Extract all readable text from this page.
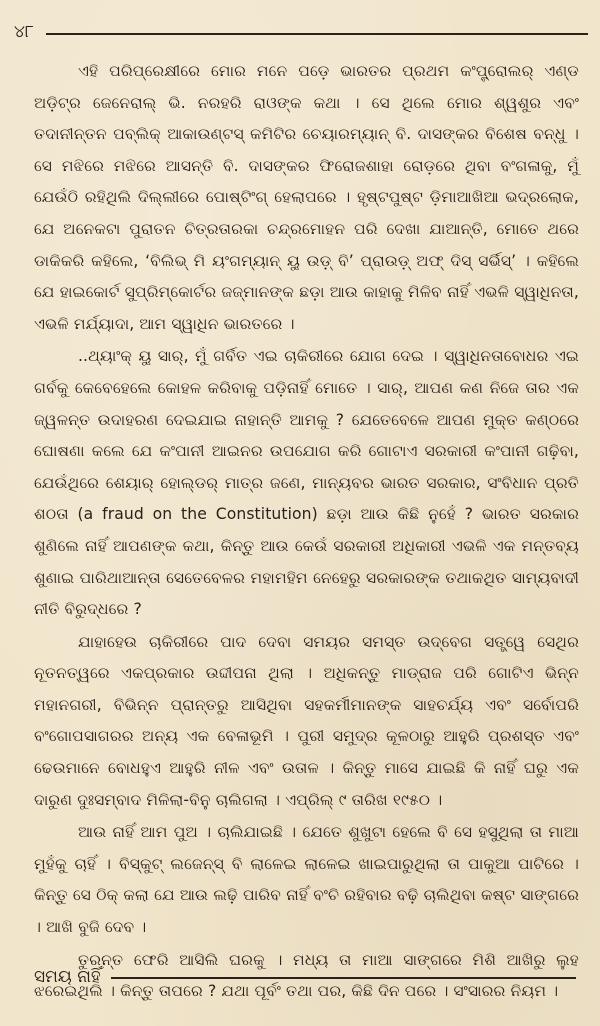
୪୮

ଏହି ପରିପ୍ରେକ୍ଷୀରେ ମୋର ମନେ ପଡ଼େ ଭାରତର ପ୍ରଥମ କଂପ୍ଟ୍ରୋଲର୍ ଏଣ୍ଡ ଅଡ଼ିଟ୍ର ଜେନେରାଲ୍ ଭି. ନରହରି ରାଓଙ୍କ କଥା । ସେ ଥିଲେ ମୋର ଶ୍ୱଶୁର ଏବଂ ତଦାନୀନ୍ତନ ପବ୍ଲିକ୍ ଆକାଉଣ୍ଟସ୍ କମିଟିର ଚେୟାରମ୍ୟାନ୍ ବି. ଦାସଙ୍କର ବିଶେଷ ବନ୍ଧୁ । ସେ ମଝିରେ ମଝିରେ ଆସନ୍ତି ବି. ଦାସଙ୍କର ଫିରୋଜଶାହା ରୋଡ଼ରେ ଥିବା ବଂଗଳାକୁ, ମୁଁ ଯେଉଁଠି ରହିଥିଲି ଦିଲ୍ଲୀରେ ପୋଷ୍ଟିଂଗ୍ ହେଲାପରେ । ହୃଷ୍ଟପୁଷ୍ଟ ଡ଼ିମାଆଖିଆ ଭଦ୍ରଲୋକ, ଯେ ଅନେକଟା ପୁରାତନ ଚିତ୍ରତାରକା ଚନ୍ଦ୍ରମୋହନ ପରି ଦେଖା ଯାଆନ୍ତି, ମୋତେ ଥରେ ଡାକିକରି କହିଲେ, ‘ବିଲିଭ୍ ମି ୟଂଗମ୍ୟାନ୍ ୟୁ ଉଡ଼୍ ବି’ ପ୍ରାଉଡ଼୍ ଅଫ୍ ଦିସ୍ ସର୍ଭିସ୍’ । କହିଲେ ଯେ ହାଇକୋର୍ଟ ସୁପ୍ରିମ୍‌କୋର୍ଟର ଜଜ୍‌ମାନଙ୍କ ଛଡ଼ା ଆଉ କାହାକୁ ମିଳିବ ନାହିଁ ଏଭଳି ସ୍ୱାଧିନତା, ଏଭଳି ମର୍ଯ୍ୟାଦା, ଆମ ସ୍ୱାଧିନ ଭାରତରେ ।

..ଥ୍ୟାଂକ୍ ୟୁ ସାର୍, ମୁଁ ଗର୍ବିତ ଏଇ ଚାକିରୀରେ ଯୋଗ ଦେଇ । ସ୍ୱାଧିନତାବୋଧର ଏଇ ଗର୍ବକୁ କେବେହେଲେ କୋହଳ କରିବାକୁ ପଡ଼ିନାହିଁ ମୋତେ । ସାର୍, ଆପଣ କଣ ନିଜେ ତାର ଏକ ଜ୍ୱଳନ୍ତ ଉଦାହରଣ ଦେଇଯାଇ ନାହାନ୍ତି ଆମକୁ ? ଯେତେବେଳେ ଆପଣ ମୁକ୍ତ କଣ୍ଠରେ ଘୋଷଣା କଲେ ଯେ କଂପାନୀ ଆଇନର ଉପଯୋଗ କରି ଗୋଟାଏ ସରକାରୀ କଂପାନୀ ଗଢ଼ିବା, ଯେଉଁଥିରେ ଶେୟାର୍ ହୋଲ୍ଡର୍ ମାତ୍ର ଜଣେ, ମାନ୍ୟବର ଭାରତ ସରକାର, ସଂବିଧାନ ପ୍ରତି ଶଠତା (a fraud on the Constitution) ଛଡ଼ା ଆଉ କିଛି ନୁହେଁ ? ଭାରତ ସରକାର ଶୁଣିଲେ ନାହିଁ ଆପଣଙ୍କ କଥା, କିନ୍ତୁ ଆଉ କେଉଁ ସରକାରୀ ଅଧିକାରୀ ଏଭଳି ଏକ ମନ୍ତବ୍ୟ ଶୁଣାଇ ପାରିଥାଆନ୍ତା ସେତେବେଳର ମହାମହିମ ନେହେରୁ ସରକାରଙ୍କ ତଥାକଥିତ ସାମ୍ୟବାଦୀ ନୀତି ବିରୁଦ୍ଧରେ ?

ଯାହାହେଉ ଚାକିରୀରେ ପାଦ ଦେବା ସମୟର ସମସ୍ତ ଉଦ୍‌ବେଗ ସତ୍ତ୍ୱେ ସେଥିର ନୂତନତ୍ୱରେ ଏକପ୍ରକାର ଉଦ୍ଦୀପନା ଥିଲା । ଅଧିକନ୍ତୁ ମାଡ୍ରାଜ ପରି ଗୋଟିଏ ଭିନ୍ନ ମହାନଗରୀ, ବିଭିନ୍ନ ପ୍ରାନ୍ତରୁ ଆସିଥିବା ସହକର୍ମୀମାନଙ୍କ ସାହଚର୍ଯ୍ୟ ଏବଂ ସର୍ବୋପରି ବଂଗୋପସାଗରର ଅନ୍ୟ ଏକ ବେଳାଭୂମି । ପୁରୀ ସମୁଦ୍ର କୂଳଠାରୁ ଆହୁରି ପ୍ରଶସ୍ତ ଏବଂ ଢେଉମାନେ ବୋଧହୁଏ ଆହୁରି ନୀଳ ଏବଂ ଉତାଳ । କିନ୍ତୁ ମାସେ ଯାଇଛି କି ନାହିଁ ଘରୁ ଏକ ଦାରୁଣ ଦୁଃସମ୍ବାଦ ମିଳିଲା-ବିନୁ ଚାଲିଗଲା । ଏପ୍ରିଲ୍ ୯ ତାରିଖ ୧୯୫୦ ।

ଆଉ ନାହିଁ ଆମ ପୁଅ । ଚାଲିଯାଇଛି । ଯେତେ ଶୁଖୁଟା ହେଲେ ବି ସେ ହସୁଥିଲା ତା ମାଆ ମୁହଁକୁ ଚାହିଁ । ବିସ୍କୁଟ୍ ଲଜେନ୍‌ସ୍ ବି ଲାଳେଇ ଲାଳେଇ ଖାଇପାରୁଥିଲା ତା ପାକୁଆ ପାଟିରେ । କିନ୍ତୁ ସେ ଠିକ୍ କଲା ଯେ ଆଉ ଲଢ଼ି ପାରିବ ନାହିଁ ବଂଚି ରହିବାର ବଢ଼ି ଚାଲିଥିବା କଷ୍ଟ ସାଙ୍ଗରେ । ଆଖି ବୁଜି ଦେବ ।

ତୁରନ୍ତ ଫେରି ଆସିଲି ଘରକୁ । ମଧ୍ୟ ତା ମାଆ ସାଙ୍ଗରେ ମିଶି ଆଖିରୁ ଲୁହ ଝରେଇଥିଲି । କିନ୍ତୁ ତାପରେ ? ଯଥା ପୂର୍ବଂ ତଥା ପର, କିଛି ଦିନ ପରେ । ସଂସାରର ନିୟମ ।

ସମୟ ନାହିଁ
